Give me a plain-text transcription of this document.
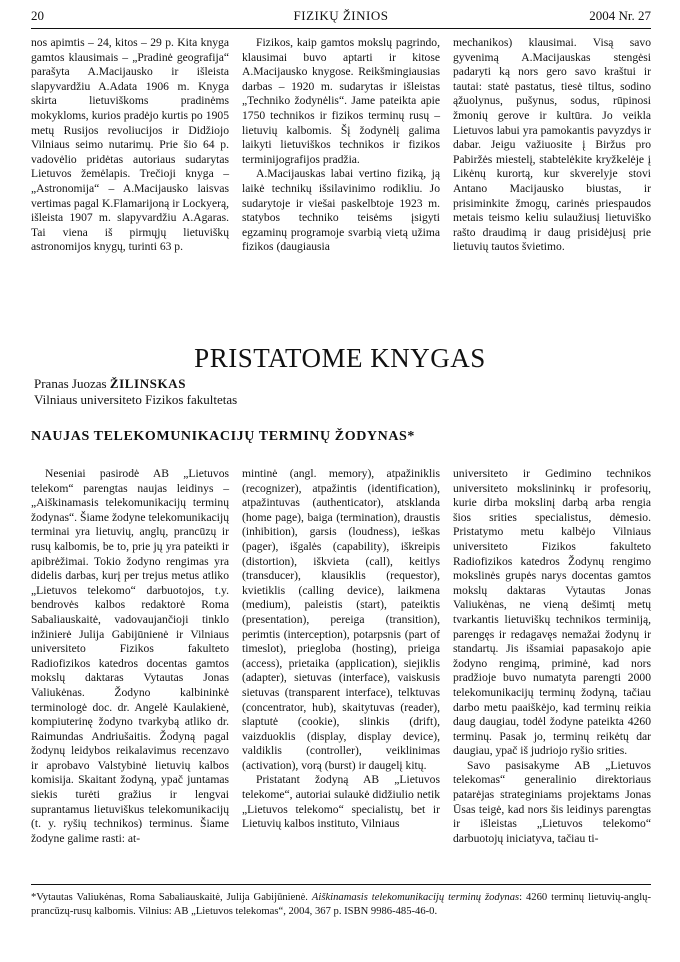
20	FIZIKŲ ŽINIOS	2004 Nr. 27

nos apimtis – 24, kitos – 29 p. Kita knyga gamtos klausimais – „Pradinė geografija“ parašyta A.Macijausko ir išleista slapyvardžiu A.Adata 1906 m. Knyga skirta lietuviškoms pradinėms mokykloms, kurios pradėjo kurtis po 1905 metų Rusijos revoliucijos ir Didžiojo Vilniaus seimo nutarimų. Prie šio 64 p. vadovėlio pridėtas autoriaus sudarytas Lietuvos žemėlapis. Trečioji knyga – „Astronomija“ – A.Macijausko laisvas vertimas pagal K.Flamarijoną ir Lockyerą, išleista 1907 m. slapyvardžiu A.Agaras. Tai viena iš pirmųjų lietuviškų astronomijos knygų, turinti 63 p.

Fizikos, kaip gamtos mokslų pagrindo, klausimai buvo aptarti ir kitose A.Macijausko knygose. Reikšmingiausias darbas – 1920 m. sudarytas ir išleistas „Techniko žodynėlis“. Jame pateikta apie 1750 technikos ir fizikos terminų rusų – lietuvių kalbomis. Šį žodynėlį galima laikyti lietuviškos technikos ir fizikos terminijografijos pradžia.

A.Macijauskas labai vertino fiziką, ją laikė technikų išsilavinimo rodikliu. Jo sudarytoje ir viešai paskelbtoje 1923 m. statybos techniko teisėms įsigyti egzaminų programoje svarbią vietą užima fizikos (daugiausia

mechanikos) klausimai. Visą savo gyvenimą A.Macijauskas stengėsi padaryti ką nors gero savo kraštui ir tautai: statė pastatus, tiesė tiltus, sodino ąžuolynus, pušynus, sodus, rūpinosi žmonių gerove ir kultūra. Jo veikla Lietuvos labui yra pamokantis pavyzdys ir dabar. Jeigu važiuosite į Biržus pro Pabiržės miestelį, stabtelėkite kryžkelėje į Likėnų kurortą, kur skverelyje stovi Antano Macijausko biustas, ir prisiminkite žmogų, carinės priespaudos metais teismo keliu sulaužiusį lietuviško rašto draudimą ir daug prisidėjusį prie lietuvių tautos švietimo.

PRISTATOME KNYGAS
Pranas Juozas ŽILINSKAS
Vilniaus universiteto Fizikos fakultetas
NAUJAS TELEKOMUNIKACIJŲ TERMINŲ ŽODYNAS*

Neseniai pasirodė AB „Lietuvos telekom“ parengtas naujas leidinys – „Aiškinamasis telekomunikacijų terminų žodynas“. Šiame žodyne telekomunikacijų terminai yra lietuvių, anglų, prancūzų ir rusų kalbomis, be to, prie jų yra pateikti ir apibrėžimai. Tokio žodyno rengimas yra didelis darbas, kurį per trejus metus atliko „Lietuvos telekomo“ darbuotojos, t.y. bendrovės kalbos redaktorė Roma Sabaliauskaitė, vadovaujančioji tinklo inžinierė Julija Gabijūnienė ir Vilniaus universiteto Fizikos fakulteto Radiofizikos katedros docentas gamtos mokslų daktaras Vytautas Jonas Valiukėnas. Žodyno kalbininkė terminologė doc. dr. Angelė Kaulakienė, kompiuterinę žodyno tvarkybą atliko dr. Raimundas Andriušaitis. Žodyną pagal žodynų leidybos reikalavimus recenzavo ir aprobavo Valstybinė lietuvių kalbos komisija. Skaitant žodyną, ypač juntamas siekis turėti gražius ir lengvai suprantamus lietuviškus telekomunikacijų (t. y. ryšių technikos) terminus. Šiame žodyne galime rasti: at-

mintinė (angl. memory), atpažiniklis (recognizer), atpažintis (identification), atpažintuvas (authenticator), atsklanda (home page), baiga (termination), draustis (inhibition), garsis (loudness), ieškas (pager), išgalės (capability), iškreipis (distortion), iškvieta (call), keitlys (transducer), klausiklis (requestor), kvietiklis (calling device), laikmena (medium), paleistis (start), pateiktis (presentation), pereiga (transition), perimtis (interception), potarpsnis (part of timeslot), priegloba (hosting), prieiga (access), prietaika (application), siejiklis (adapter), sietuvas (interface), vaiskusis sietuvas (transparent interface), telktuvas (concentrator, hub), skaitytuvas (reader), slaptutė (cookie), slinkis (drift), vaizduoklis (display, display device), valdiklis (controller), veiklinimas (activation), vorą (burst) ir daugelį kitų.

Pristatant žodyną AB „Lietuvos telekome“, autoriai sulaukė didžiulio netik „Lietuvos telekomo“ specialistų, bet ir Lietuvių kalbos instituto, Vilniaus

universiteto ir Gedimino technikos universiteto mokslininkų ir profesorių, kurie dirba mokslinį darbą arba rengia šios srities specialistus, dėmesio. Pristatymo metu kalbėjo Vilniaus universiteto Fizikos fakulteto Radiofizikos katedros Žodynų rengimo mokslinės grupės narys docentas gamtos mokslų daktaras Vytautas Jonas Valiukėnas, ne vieną dešimtį metų tvarkantis lietuviškų technikos terminiją, parengęs ir redagavęs nemažai žodynų ir standartų. Jis išsamiai papasakojo apie žodyno rengimą, priminė, kad nors pradžioje buvo numatyta parengti 2000 telekomunikacijų terminų žodyną, tačiau darbo metu paaiškėjo, kad terminų reikia daug daugiau, todėl žodyne pateikta 4260 terminų. Pasak jo, terminų reikėtų dar daugiau, ypač iš judriojo ryšio srities.

Savo pasisakyme AB „Lietuvos telekomas“ generalinio direktoriaus patarėjas strateginiams projektams Jonas Ūsas teigė, kad nors šis leidinys parengtas ir išleistas „Lietuvos telekomo“ darbuotojų iniciatyva, tačiau ti-

*Vytautas Valiukėnas, Roma Sabaliauskaitė, Julija Gabijūnienė. Aiškinamasis telekomunikacijų terminų žodynas: 4260 terminų lietuvių-anglų-prancūzų-rusų kalbomis. Vilnius: AB „Lietuvos telekomas“, 2004, 367 p. ISBN 9986-485-46-0.
